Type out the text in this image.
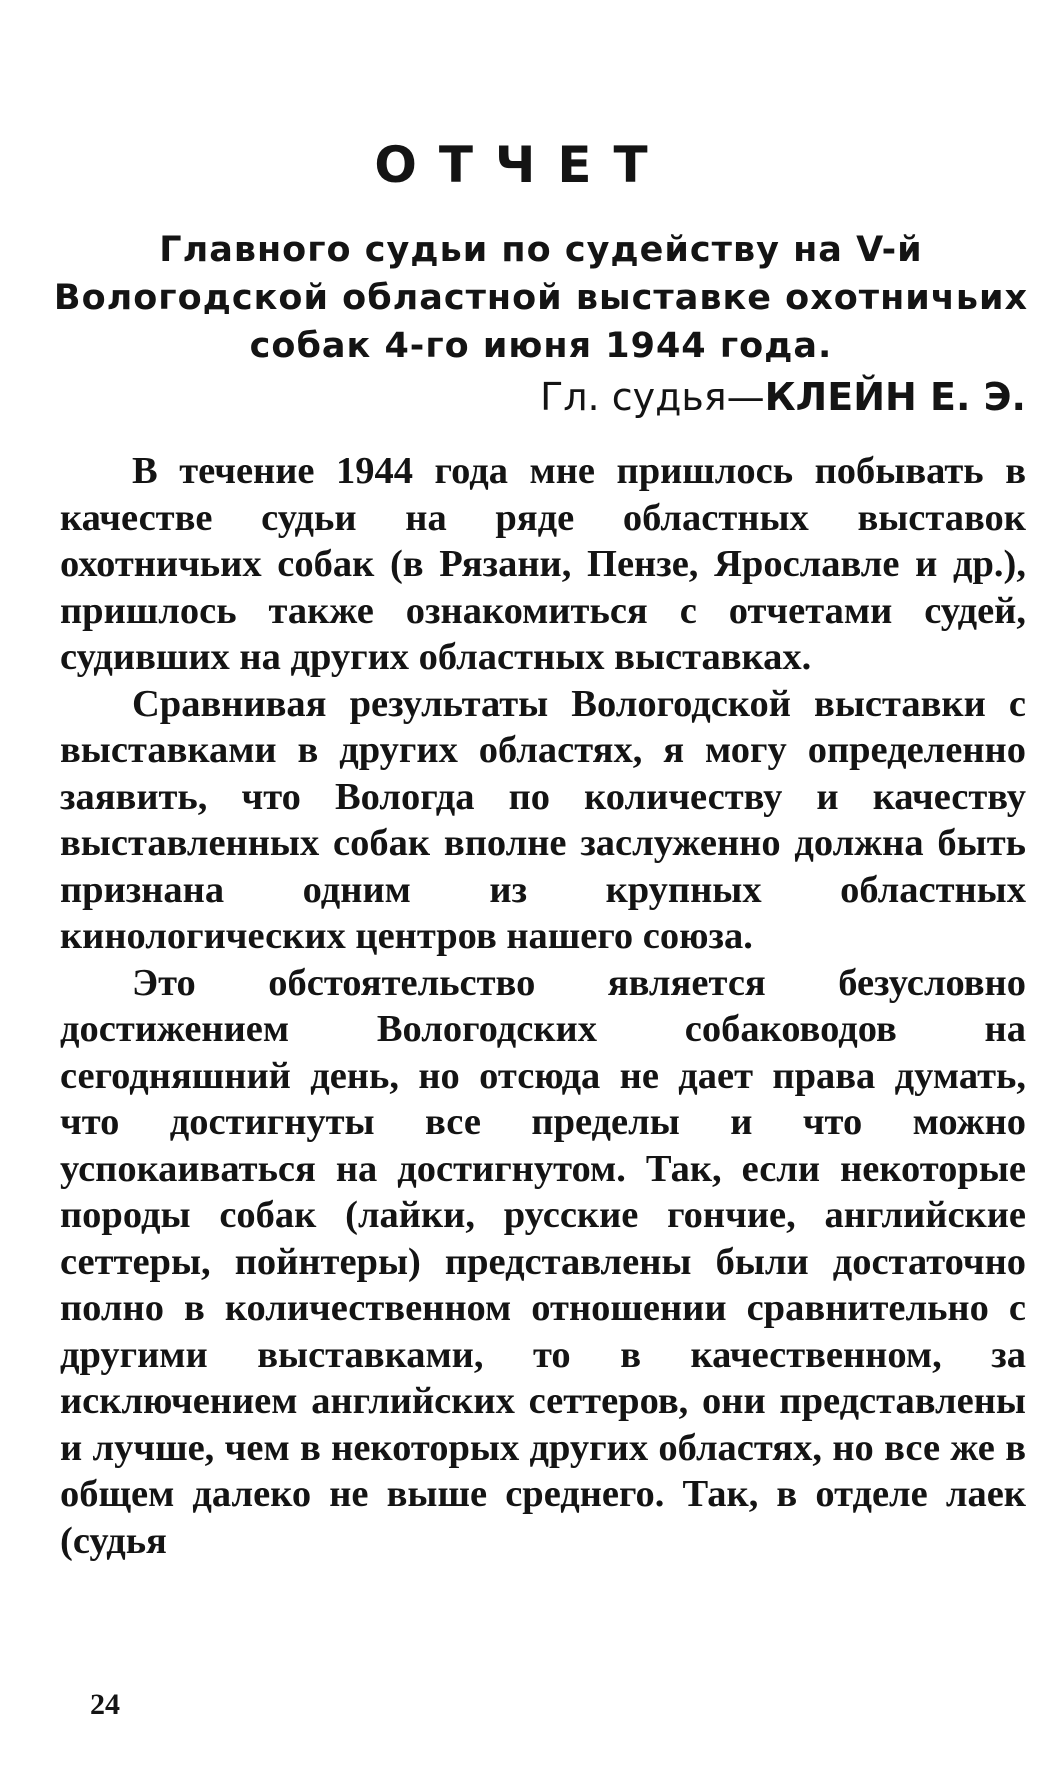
ОТЧЕТ
Главного судьи по судейству на V-й Вологодской областной выставке охотничьих собак 4-го июня 1944 года.
Гл. судья—КЛЕЙН Е. Э.

В течение 1944 года мне пришлось побывать в качестве судьи на ряде областных выставок охотничьих собак (в Рязани, Пензе, Ярославле и др.), пришлось также ознакомиться с отчетами судей, судивших на других областных выставках.

Сравнивая результаты Вологодской выставки с выставками в других областях, я могу определенно заявить, что Вологда по количеству и качеству выставленных собак вполне заслуженно должна быть признана одним из крупных областных кинологических центров нашего союза.

Это обстоятельство является безусловно достижением Вологодских собаководов на сегодняшний день, но отсюда не дает права думать, что достигнуты все пределы и что можно успокаиваться на достигнутом. Так, если некоторые породы собак (лайки, русские гончие, английские сеттеры, пойнтеры) представлены были достаточно полно в количественном отношении сравнительно с другими выставками, то в качественном, за исключением английских сеттеров, они представлены и лучше, чем в некоторых других областях, но все же в общем далеко не выше среднего. Так, в отделе лаек (судья

24
